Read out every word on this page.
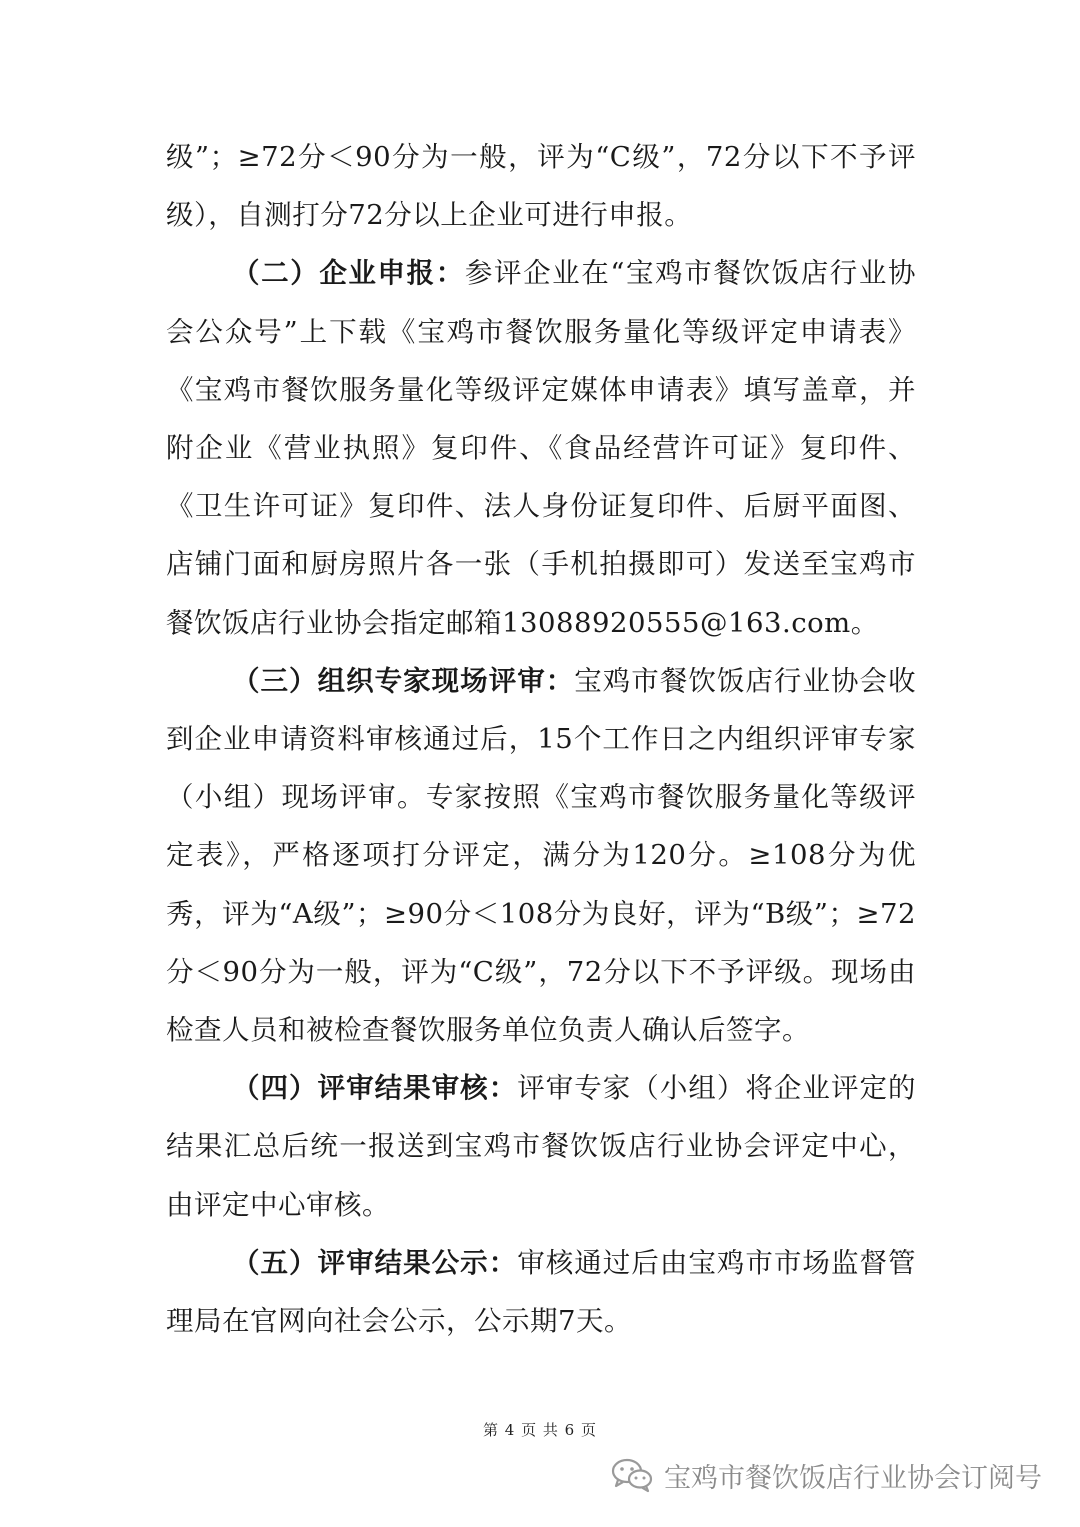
级”；≥72分＜90分为一般，评为“C级”，72分以下不予评级），自测打分72分以上企业可进行申报。

（二）企业申报：参评企业在“宝鸡市餐饮饭店行业协会公众号”上下载《宝鸡市餐饮服务量化等级评定申请表》《宝鸡市餐饮服务量化等级评定媒体申请表》填写盖章，并附企业《营业执照》复印件、《食品经营许可证》复印件、《卫生许可证》复印件、法人身份证复印件、后厨平面图、店铺门面和厨房照片各一张（手机拍摄即可）发送至宝鸡市餐饮饭店行业协会指定邮箱13088920555@163.com。

（三）组织专家现场评审：宝鸡市餐饮饭店行业协会收到企业申请资料审核通过后，15个工作日之内组织评审专家（小组）现场评审。专家按照《宝鸡市餐饮服务量化等级评定表》，严格逐项打分评定，满分为120分。≥108分为优秀，评为“A级”；≥90分＜108分为良好，评为“B级”；≥72分＜90分为一般，评为“C级”，72分以下不予评级。现场由检查人员和被检查餐饮服务单位负责人确认后签字。

（四）评审结果审核：评审专家（小组）将企业评定的结果汇总后统一报送到宝鸡市餐饮饭店行业协会评定中心，由评定中心审核。

（五）评审结果公示：审核通过后由宝鸡市市场监督管理局在官网向社会公示，公示期7天。

第 4 页 共 6 页
宝鸡市餐饮饭店行业协会订阅号
